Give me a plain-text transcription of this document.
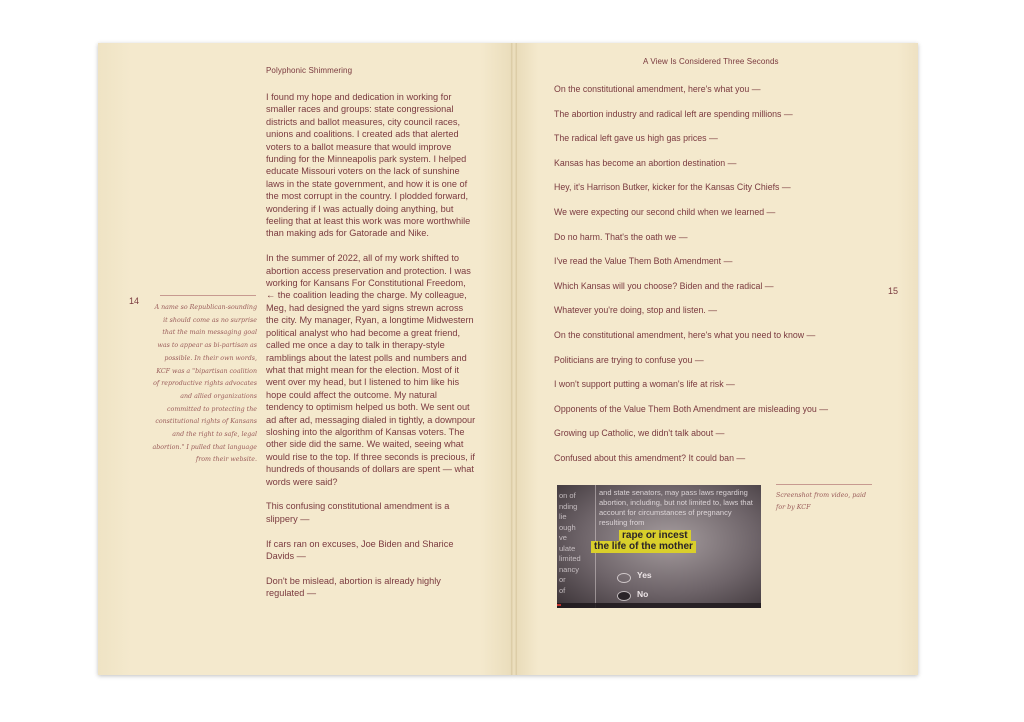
Polyphonic Shimmering
A View Is Considered Three Seconds
14
15

I found my hope and dedication in working for smaller races and groups: state congressional districts and ballot measures, city council races, unions and coalitions. I created ads that alerted voters to a ballot measure that would improve funding for the Minneapolis park system. I helped educate Missouri voters on the lack of sunshine laws in the state government, and how it is one of the most corrupt in the country. I plodded forward, wondering if I was actually doing anything, but feeling that at least this work was more worthwhile than making ads for Gatorade and Nike.

In the summer of 2022, all of my work shifted to abortion access preservation and protection. I was working for Kansans For Constitutional Freedom, ← the coalition leading the charge. My colleague, Meg, had designed the yard signs strewn across the city. My manager, Ryan, a longtime Midwestern political analyst who had become a great friend, called me once a day to talk in therapy-style ramblings about the latest polls and numbers and what that might mean for the election. Most of it went over my head, but I listened to him like his hope could affect the outcome. My natural tendency to optimism helped us both. We sent out ad after ad, messaging dialed in tightly, a downpour sloshing into the algorithm of Kansas voters. The other side did the same. We waited, seeing what would rise to the top. If three seconds is precious, if hundreds of thousands of dollars are spent — what words were said?

This confusing constitutional amendment is a slippery —

If cars ran on excuses, Joe Biden and Sharice Davids —

Don't be mislead, abortion is already highly regulated —

A name so Republican-sounding it should come as no surprise that the main messaging goal was to appear as bi-partisan as possible. In their own words, KCF was a "bipartisan coalition of reproductive rights advocates and allied organizations committed to protecting the constitutional rights of Kansans and the right to safe, legal abortion." I pulled that language from their website.
On the constitutional amendment, here's what you —
The abortion industry and radical left are spending millions —
The radical left gave us high gas prices —
Kansas has become an abortion destination —
Hey, it's Harrison Butker, kicker for the Kansas City Chiefs —
We were expecting our second child when we learned —
Do no harm. That's the oath we —
I've read the Value Them Both Amendment —
Which Kansas will you choose? Biden and the radical —
Whatever you're doing, stop and listen. —
On the constitutional amendment, here's what you need to know —
Politicians are trying to confuse you —
I won't support putting a woman's life at risk —
Opponents of the Value Them Both Amendment are misleading you —
Growing up Catholic, we didn't talk about —
Confused about this amendment? It could ban —
on of
nding
lie
ough
ve
ulate
limited
nancy
or
of
and state senators, may pass laws regarding abortion, including, but not limited to, laws that account for circumstances of pregnancy resulting from
rape or incest
the life of the mother
Yes
No
Screenshot from video, paid for by KCF
